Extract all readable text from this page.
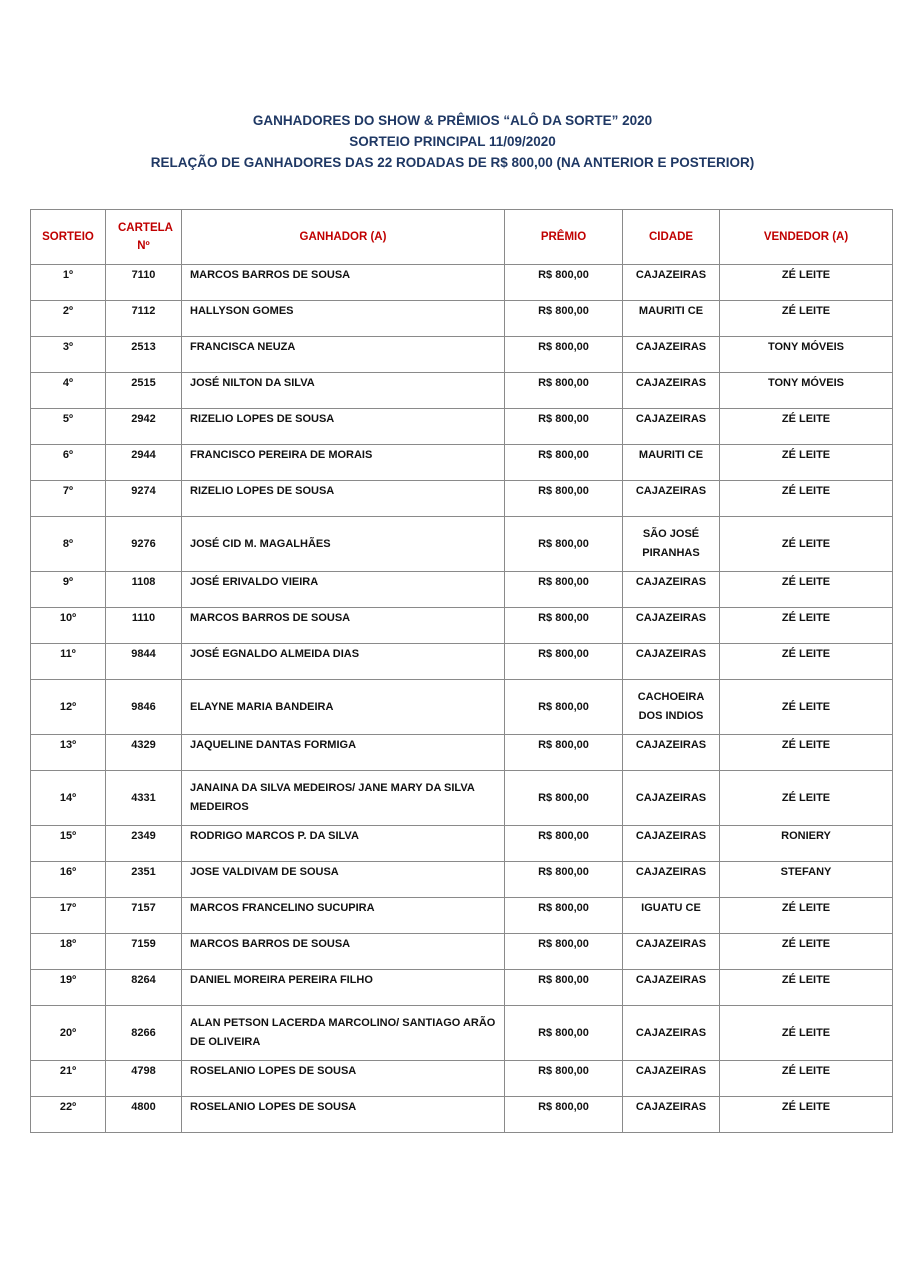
GANHADORES DO SHOW & PRÊMIOS “ALÔ DA SORTE” 2020
SORTEIO PRINCIPAL 11/09/2020
RELAÇÃO DE GANHADORES DAS 22 RODADAS DE R$ 800,00 (NA ANTERIOR E POSTERIOR)
SORTEIO	CARTELA Nº	GANHADOR (A)	PRÊMIO	CIDADE	VENDEDOR (A)
1º	7110	MARCOS BARROS DE SOUSA	R$ 800,00	CAJAZEIRAS	ZÉ LEITE
2º	7112	HALLYSON GOMES	R$ 800,00	MAURITI CE	ZÉ LEITE
3º	2513	FRANCISCA NEUZA	R$ 800,00	CAJAZEIRAS	TONY MÓVEIS
4º	2515	JOSÉ NILTON DA SILVA	R$ 800,00	CAJAZEIRAS	TONY MÓVEIS
5º	2942	RIZELIO LOPES DE SOUSA	R$ 800,00	CAJAZEIRAS	ZÉ LEITE
6º	2944	FRANCISCO PEREIRA DE MORAIS	R$ 800,00	MAURITI CE	ZÉ LEITE
7º	9274	RIZELIO LOPES DE SOUSA	R$ 800,00	CAJAZEIRAS	ZÉ LEITE
8º	9276	JOSÉ CID M. MAGALHÃES	R$ 800,00	SÃO JOSÉ PIRANHAS	ZÉ LEITE
9º	1108	JOSÉ ERIVALDO VIEIRA	R$ 800,00	CAJAZEIRAS	ZÉ LEITE
10º	1110	MARCOS BARROS DE SOUSA	R$ 800,00	CAJAZEIRAS	ZÉ LEITE
11º	9844	JOSÉ EGNALDO ALMEIDA DIAS	R$ 800,00	CAJAZEIRAS	ZÉ LEITE
12º	9846	ELAYNE MARIA BANDEIRA	R$ 800,00	CACHOEIRA DOS INDIOS	ZÉ LEITE
13º	4329	JAQUELINE DANTAS FORMIGA	R$ 800,00	CAJAZEIRAS	ZÉ LEITE
14º	4331	JANAINA DA SILVA MEDEIROS/ JANE MARY DA SILVA MEDEIROS	R$ 800,00	CAJAZEIRAS	ZÉ LEITE
15º	2349	RODRIGO MARCOS P. DA SILVA	R$ 800,00	CAJAZEIRAS	RONIERY
16º	2351	JOSE VALDIVAM DE SOUSA	R$ 800,00	CAJAZEIRAS	STEFANY
17º	7157	MARCOS FRANCELINO SUCUPIRA	R$ 800,00	IGUATU CE	ZÉ LEITE
18º	7159	MARCOS BARROS DE SOUSA	R$ 800,00	CAJAZEIRAS	ZÉ LEITE
19º	8264	DANIEL MOREIRA PEREIRA FILHO	R$ 800,00	CAJAZEIRAS	ZÉ LEITE
20º	8266	ALAN PETSON LACERDA MARCOLINO/ SANTIAGO ARÃO DE OLIVEIRA	R$ 800,00	CAJAZEIRAS	ZÉ LEITE
21º	4798	ROSELANIO LOPES DE SOUSA	R$ 800,00	CAJAZEIRAS	ZÉ LEITE
22º	4800	ROSELANIO LOPES DE SOUSA	R$ 800,00	CAJAZEIRAS	ZÉ LEITE
